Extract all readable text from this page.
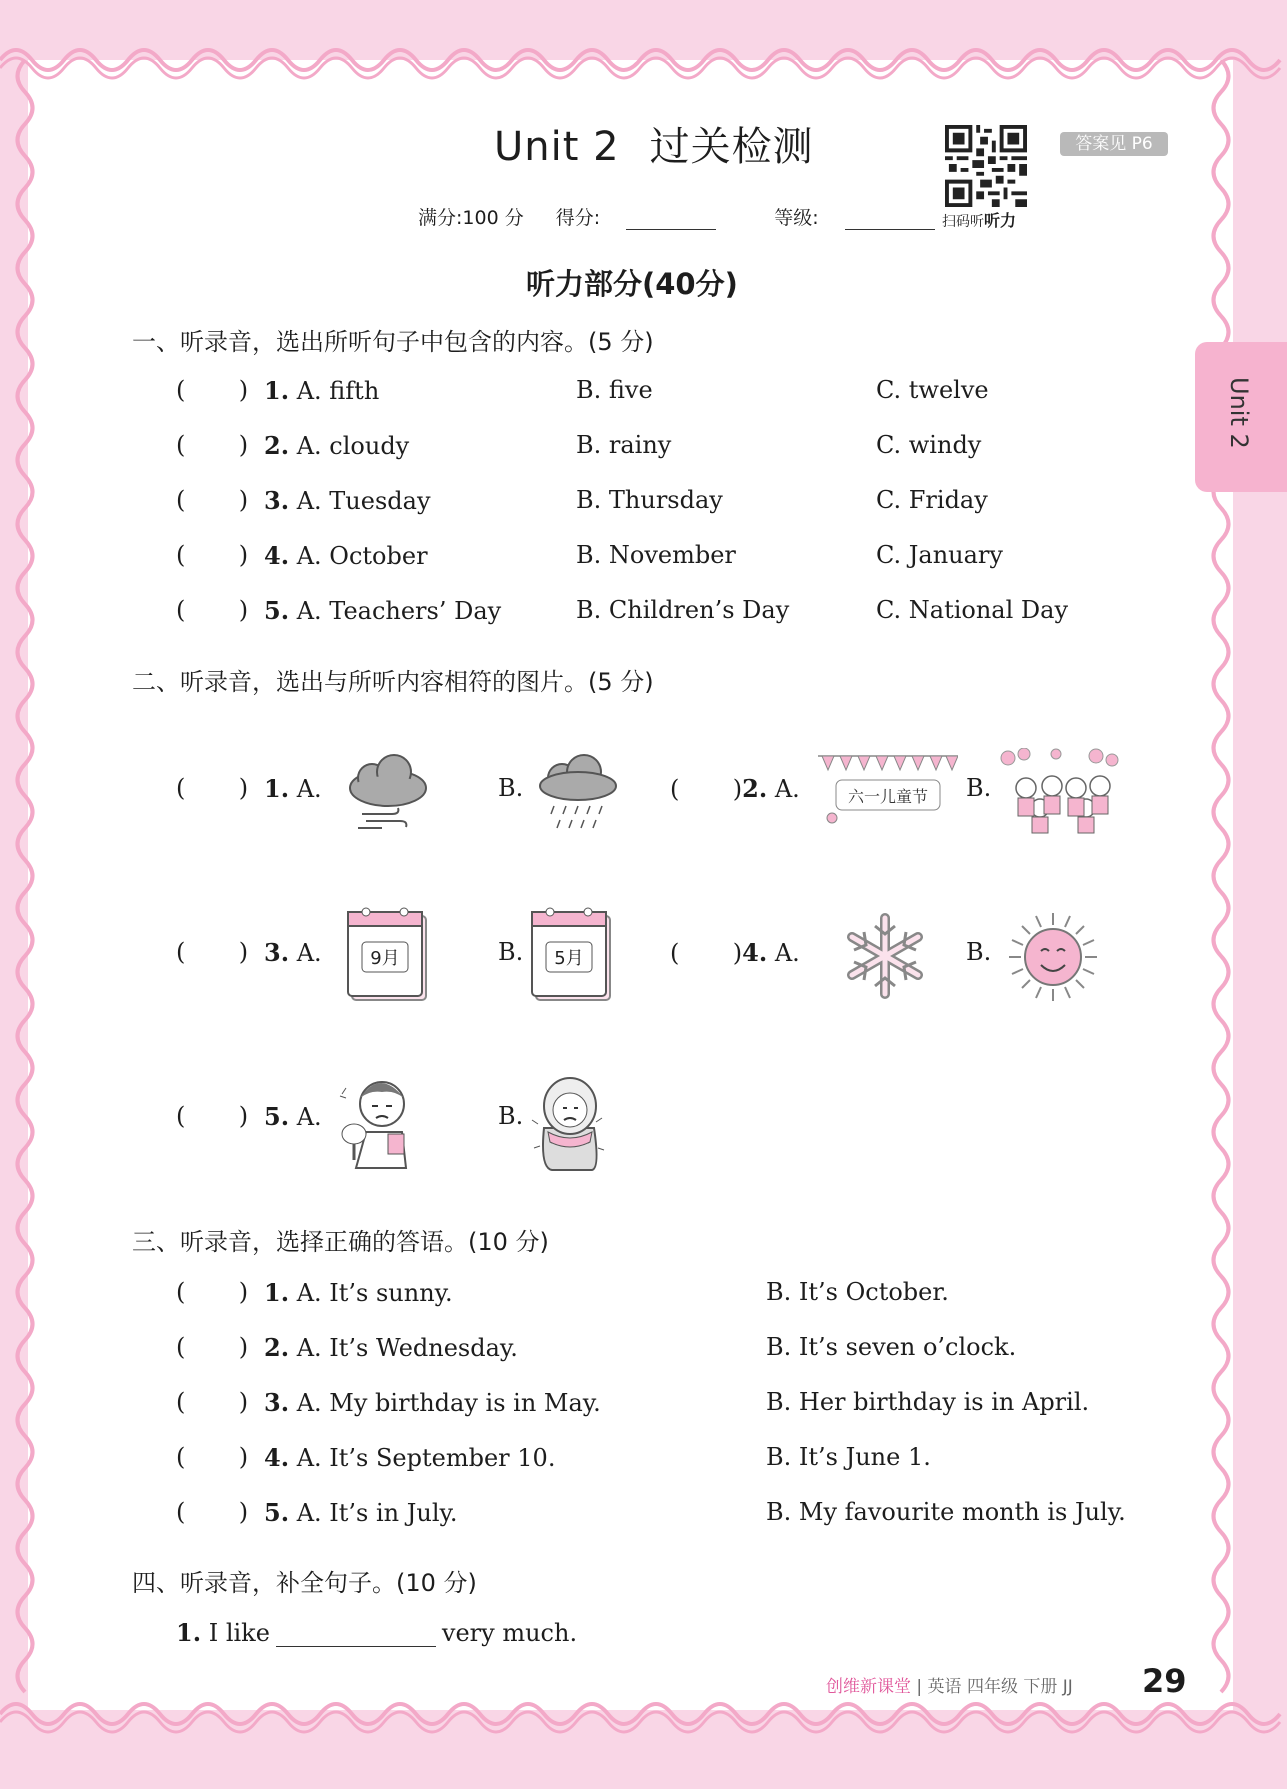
Unit 2 过关检测
扫码听听力
答案见 P6
满分:100 分 得分:	等级:
Unit 2
听力部分(40分)
一、听录音，选出所听句子中包含的内容。(5 分)
(       ) 1. A. fifth	B. five	C. twelve
(       ) 2. A. cloudy	B. rainy	C. windy
(       ) 3. A. Tuesday	B. Thursday	C. Friday
(       ) 4. A. October	B. November	C. January
(       ) 5. A. Teachers’ Day	B. Children’s Day	C. National Day
二、听录音，选出与所听内容相符的图片。(5 分)
(       ) 1. A.	B.	(       )2. A.	六一儿童节 B.
(       ) 3. A.	9月	B. 5月	(       )4. A.	B.
(       ) 5. A.	B.
三、听录音，选择正确的答语。(10 分)
(       ) 1. A. It’s sunny.	B. It’s October.
(       ) 2. A. It’s Wednesday.	B. It’s seven o’clock.
(       ) 3. A. My birthday is in May.	B. Her birthday is in April.
(       ) 4. A. It’s September 10.	B. It’s June 1.
(       ) 5. A. It’s in July.	B. My favourite month is July.
四、听录音，补全句子。(10 分)
1. I like	very much.
创维新课堂 | 英语 四年级 下册 JJ 29
